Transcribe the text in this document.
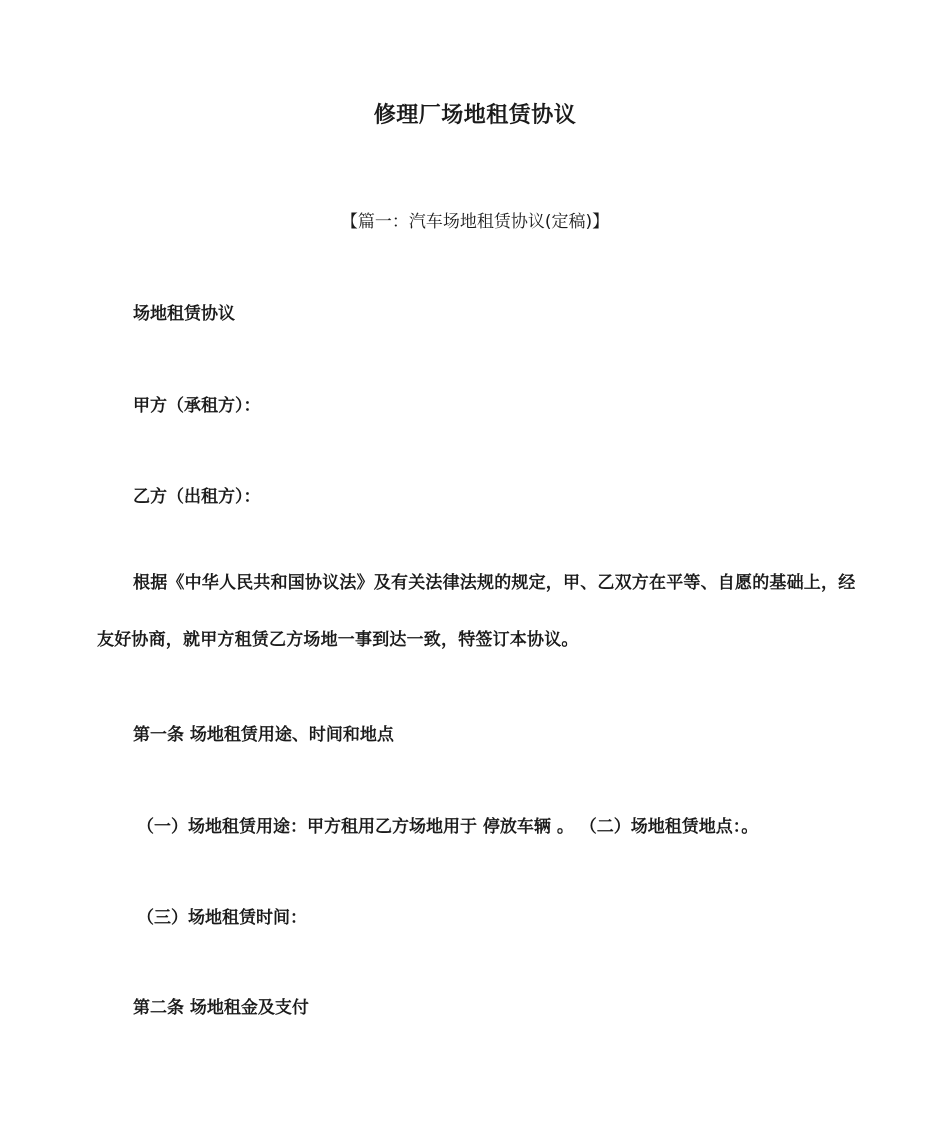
修理厂场地租赁协议
【篇一：汽车场地租赁协议(定稿)】
场地租赁协议
甲方（承租方）：
乙方（出租方）：
根据《中华人民共和国协议法》及有关法律法规的规定，甲、乙双方在平等、自愿的基础上，经友好协商，就甲方租赁乙方场地一事到达一致，特签订本协议。
第一条 场地租赁用途、时间和地点
（一）场地租赁用途：甲方租用乙方场地用于 停放车辆 。 （二）场地租赁地点：。
（三）场地租赁时间：
第二条 场地租金及支付
